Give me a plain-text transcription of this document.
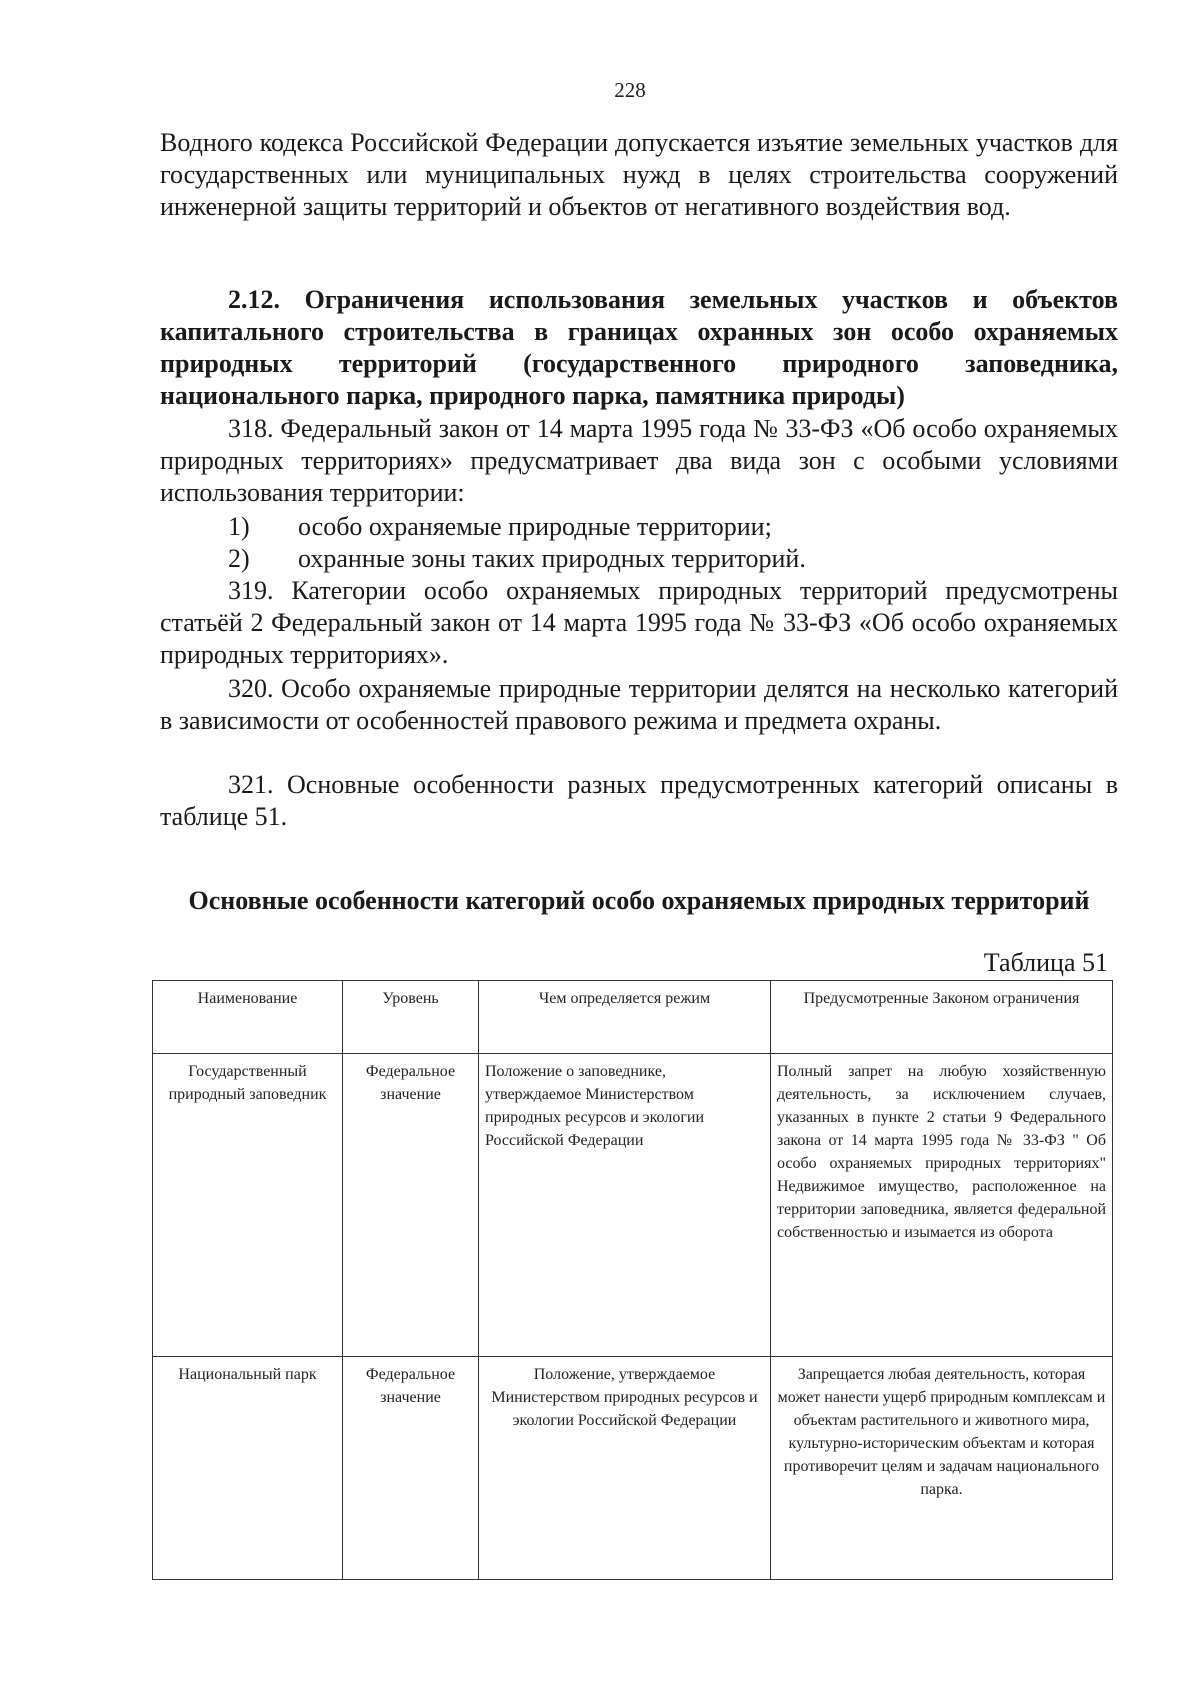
228

Водного кодекса Российской Федерации допускается изъятие земельных участков для государственных или муниципальных нужд в целях строительства сооружений инженерной защиты территорий и объектов от негативного воздействия вод.

2.12. Ограничения использования земельных участков и объектов капитального строительства в границах охранных зон особо охраняемых природных территорий (государственного природного заповедника, национального парка, природного парка, памятника природы)

318. Федеральный закон от 14 марта 1995 года № 33-ФЗ «Об особо охраняемых природных территориях» предусматривает два вида зон с особыми условиями использования территории:

1) особо охраняемые природные территории;

2) охранные зоны таких природных территорий.

319. Категории особо охраняемых природных территорий предусмотрены статьёй 2 Федеральный закон от 14 марта 1995 года № 33-ФЗ «Об особо охраняемых природных территориях».

320. Особо охраняемые природные территории делятся на несколько категорий в зависимости от особенностей правового режима и предмета охраны.

321. Основные особенности разных предусмотренных категорий описаны в таблице 51.

Основные особенности категорий особо охраняемых природных территорий

Таблица 51

Наименование	Уровень	Чем определяется режим	Предусмотренные Законом ограничения
Государственный природный заповедник	Федеральное значение	Положение о заповеднике, утверждаемое Министерством природных ресурсов и экологии Российской Федерации	Полный запрет на любую хозяйственную деятельность, за исключением случаев, указанных в пункте 2 статьи 9 Федерального закона от 14 марта 1995 года № 33-ФЗ " Об особо охраняемых природных территориях" Недвижимое имущество, расположенное на территории заповедника, является федеральной собственностью и изымается из оборота
Национальный парк	Федеральное значение	Положение, утверждаемое Министерством природных ресурсов и экологии Российской Федерации	Запрещается любая деятельность, которая может нанести ущерб природным комплексам и объектам растительного и животного мира, культурно-историческим объектам и которая противоречит целям и задачам национального парка.
